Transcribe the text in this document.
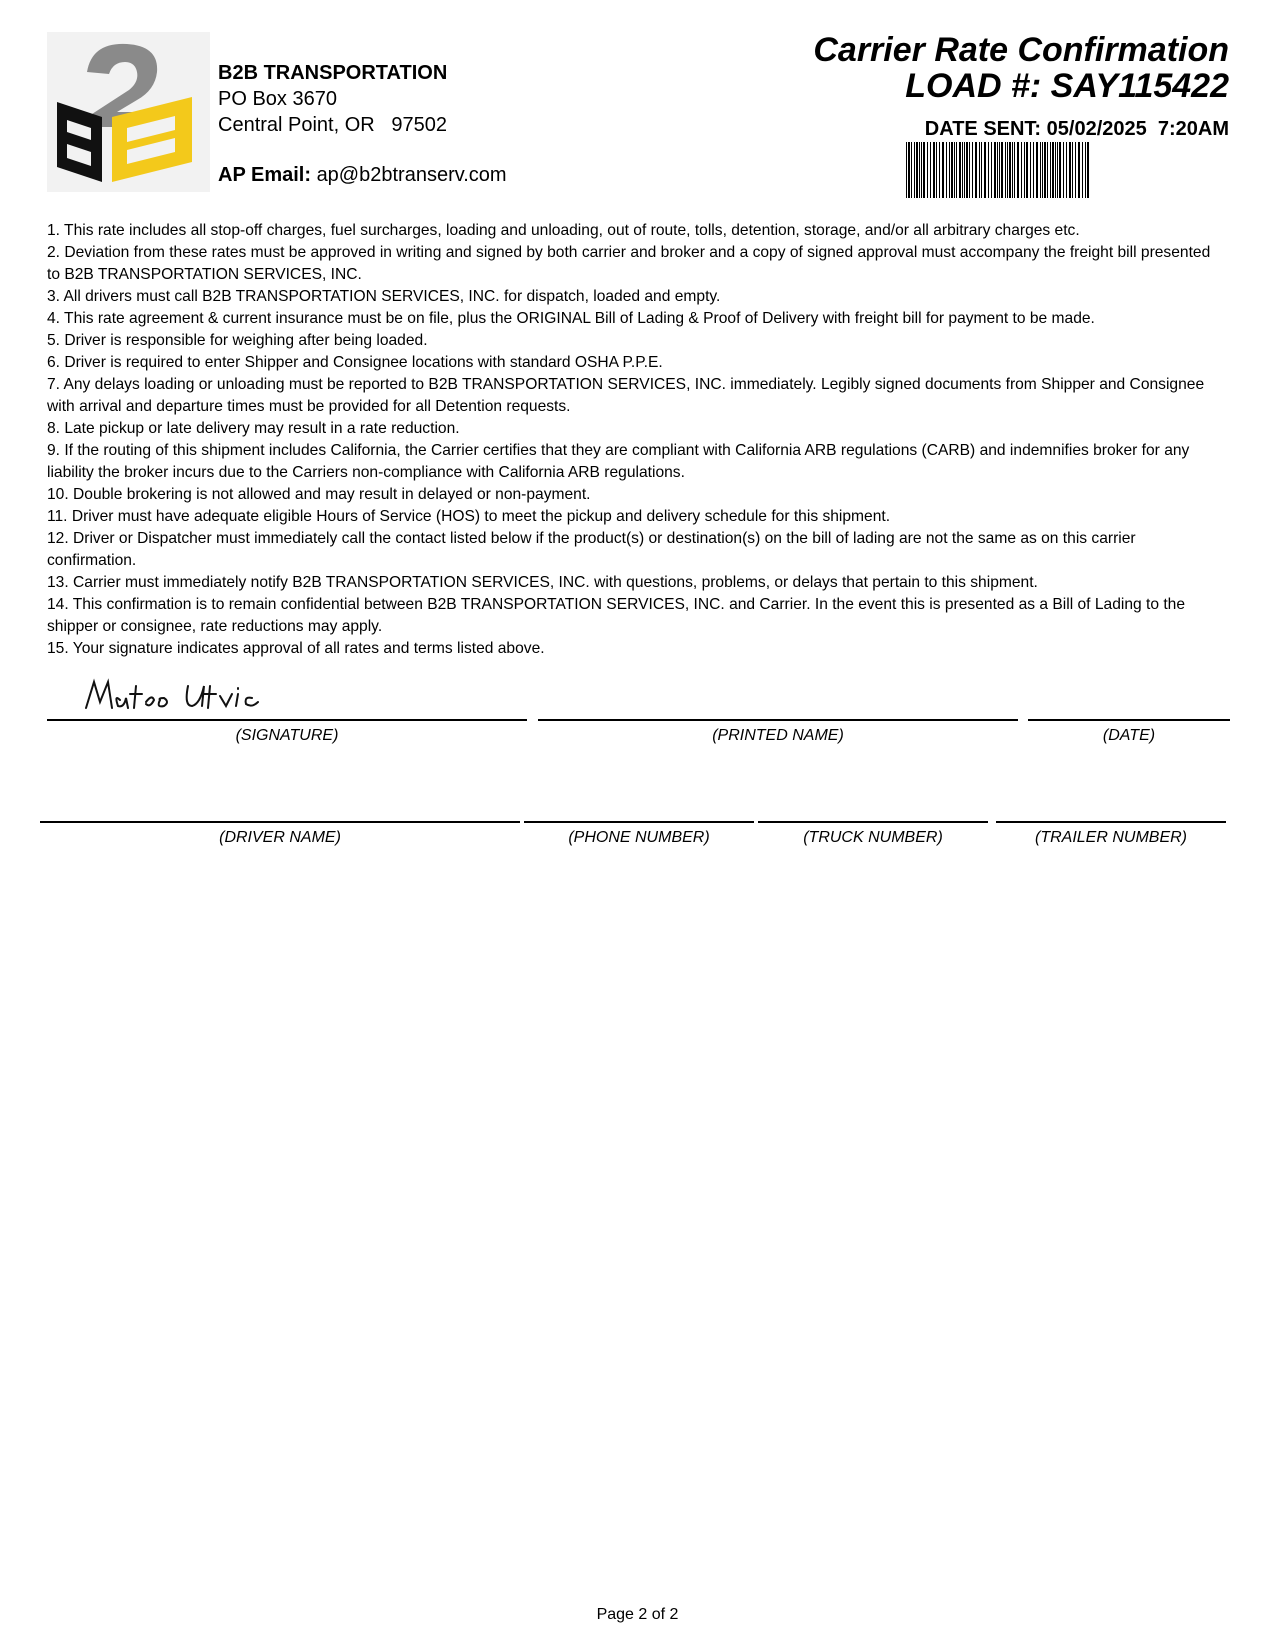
B2B TRANSPORTATION
PO Box 3670
Central Point, OR   97502
AP Email: ap@b2btranserv.com
Carrier Rate Confirmation
LOAD #: SAY115422
DATE SENT: 05/02/2025  7:20AM

1. This rate includes all stop-off charges, fuel surcharges, loading and unloading, out of route, tolls, detention, storage, and/or all arbitrary charges etc.

2. Deviation from these rates must be approved in writing and signed by both carrier and broker and a copy of signed approval must accompany the freight bill presented to B2B TRANSPORTATION SERVICES, INC.

3. All drivers must call B2B TRANSPORTATION SERVICES, INC. for dispatch, loaded and empty.

4. This rate agreement & current insurance must be on file, plus the ORIGINAL Bill of Lading & Proof of Delivery with freight bill for payment to be made.

5. Driver is responsible for weighing after being loaded.

6. Driver is required to enter Shipper and Consignee locations with standard OSHA P.P.E.

7. Any delays loading or unloading must be reported to B2B TRANSPORTATION SERVICES, INC. immediately. Legibly signed documents from Shipper and Consignee with arrival and departure times must be provided for all Detention requests.

8. Late pickup or late delivery may result in a rate reduction.

9. If the routing of this shipment includes California, the Carrier certifies that they are compliant with California ARB regulations (CARB) and indemnifies broker for any liability the broker incurs due to the Carriers non-compliance with California ARB regulations.

10. Double brokering is not allowed and may result in delayed or non-payment.

11. Driver must have adequate eligible Hours of Service (HOS) to meet the pickup and delivery schedule for this shipment.

12. Driver or Dispatcher must immediately call the contact listed below if the product(s) or destination(s) on the bill of lading are not the same as on this carrier confirmation.

13. Carrier must immediately notify B2B TRANSPORTATION SERVICES, INC. with questions, problems, or delays that pertain to this shipment.

14. This confirmation is to remain confidential between B2B TRANSPORTATION SERVICES, INC. and Carrier. In the event this is presented as a Bill of Lading to the shipper or consignee, rate reductions may apply.

15. Your signature indicates approval of all rates and terms listed above.

Mateo Utvic
(SIGNATURE)	(PRINTED NAME)	(DATE)
(DRIVER NAME)	(PHONE NUMBER)	(TRUCK NUMBER)	(TRAILER NUMBER)
Page 2 of 2
